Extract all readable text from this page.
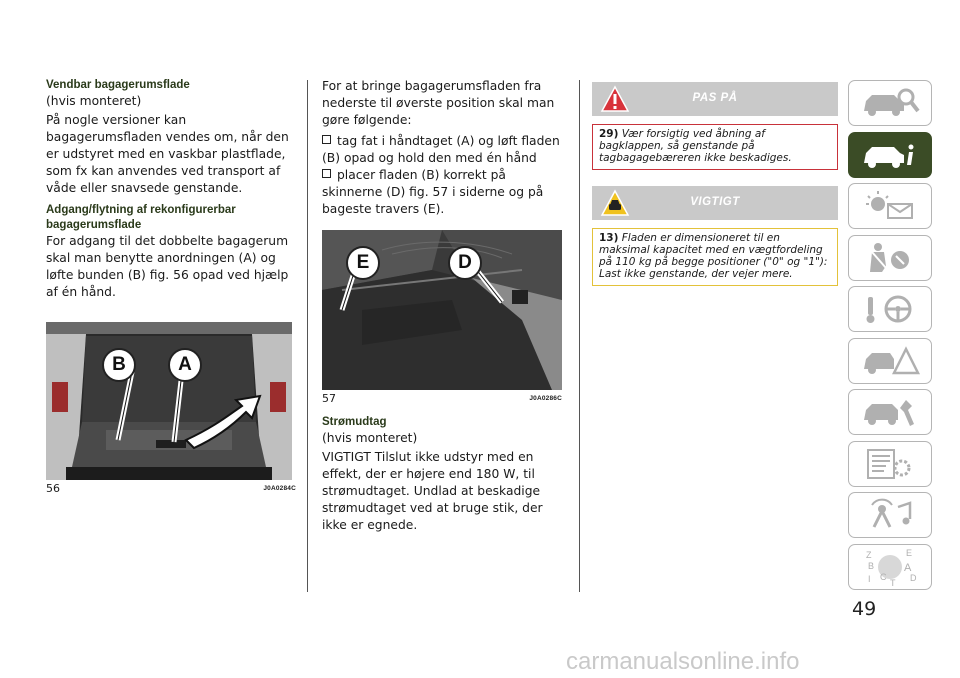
Vendbar bagagerumsflade

(hvis monteret)

På nogle versioner kan bagagerumsfladen vendes om, når den er udstyret med en vaskbar plastflade, som fx kan anvendes ved transport af våde eller snavsede genstande.

Adgang/flytning af rekonfigurerbar
bagagerumsflade

For adgang til det dobbelte bagagerum skal man benytte anordningen (A) og løfte bunden (B) fig. 56 opad ved hjælp af én hånd.

B	A
56	J0A0284C

For at bringe bagagerumsfladen fra nederste til øverste position skal man gøre følgende:

tag fat i håndtaget (A) og løft fladen (B) opad og hold den med én hånd

placer fladen (B) korrekt på skinnerne (D) fig. 57 i siderne og på bageste travers (E).

E	D
57	J0A0286C

Strømudtag

(hvis monteret)

VIGTIGT Tilslut ikke udstyr med en effekt, der er højere end 180 W, til strømudtaget. Undlad at beskadige strømudtaget ved at bruge stik, der ikke er egnede.

PAS PÅ
29) Vær forsigtig ved åbning af bagklappen, så genstande på tagbagagebæreren ikke beskadiges.
VIGTIGT
13) Fladen er dimensioneret til en maksimal kapacitet med en vægtfordeling på 110 kg på begge positioner ("0" og "1"): Last ikke genstande, der vejer mere.
Z	E
B	A
I C	D
T
49
carmanualsonline.info
